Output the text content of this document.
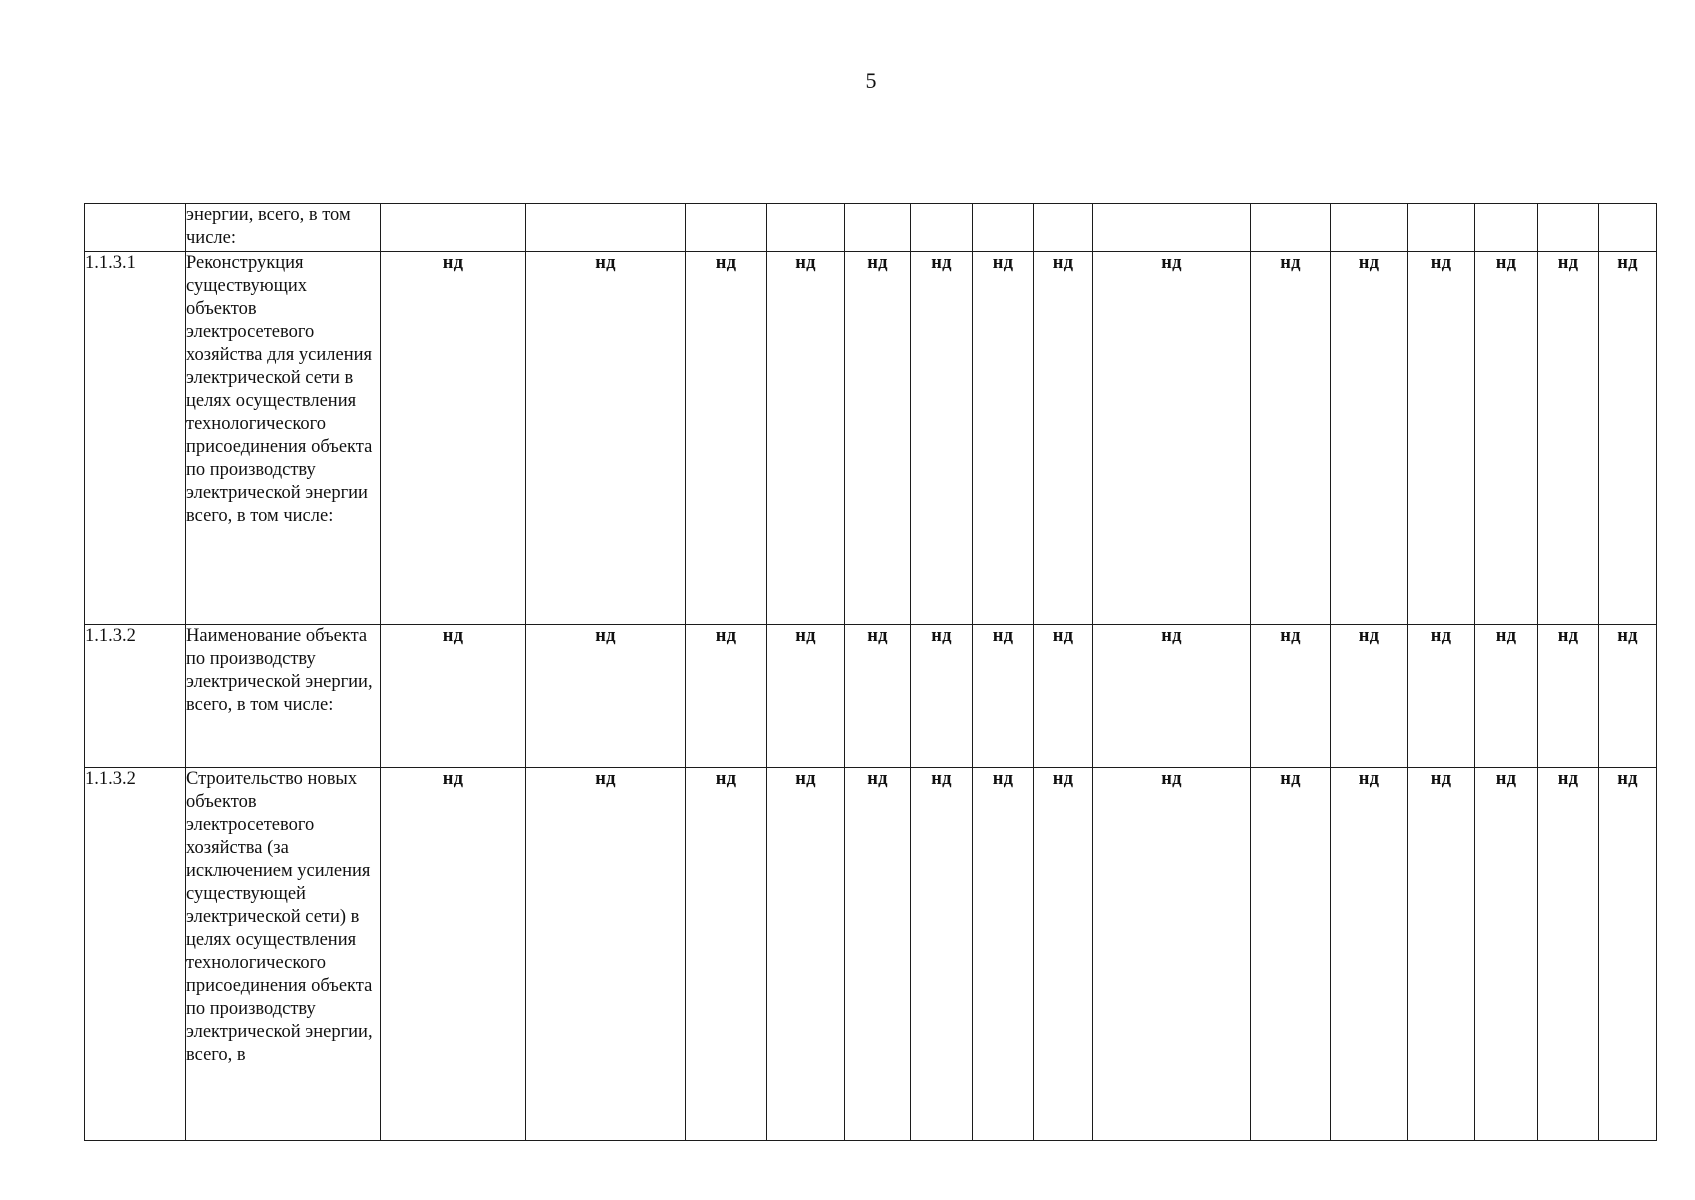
5
	энергии, всего, в том числе:															
1.1.3.1	Реконструкция существующих объектов электросетевого хозяйства для усиления электрической сети в целях осуществления технологического присоединения объекта по производству электрической энергии всего, в том числе:	нд	нд	нд	нд	нд	нд	нд	нд	нд	нд	нд	нд	нд	нд	нд
1.1.3.2	Наименование объекта по производству электрической энергии, всего, в том числе:	нд	нд	нд	нд	нд	нд	нд	нд	нд	нд	нд	нд	нд	нд	нд
1.1.3.2	Строительство новых объектов электросетевого хозяйства (за исключением усиления существующей электрической сети) в целях осуществления технологического присоединения объекта по производству электрической энергии, всего, в	нд	нд	нд	нд	нд	нд	нд	нд	нд	нд	нд	нд	нд	нд	нд
